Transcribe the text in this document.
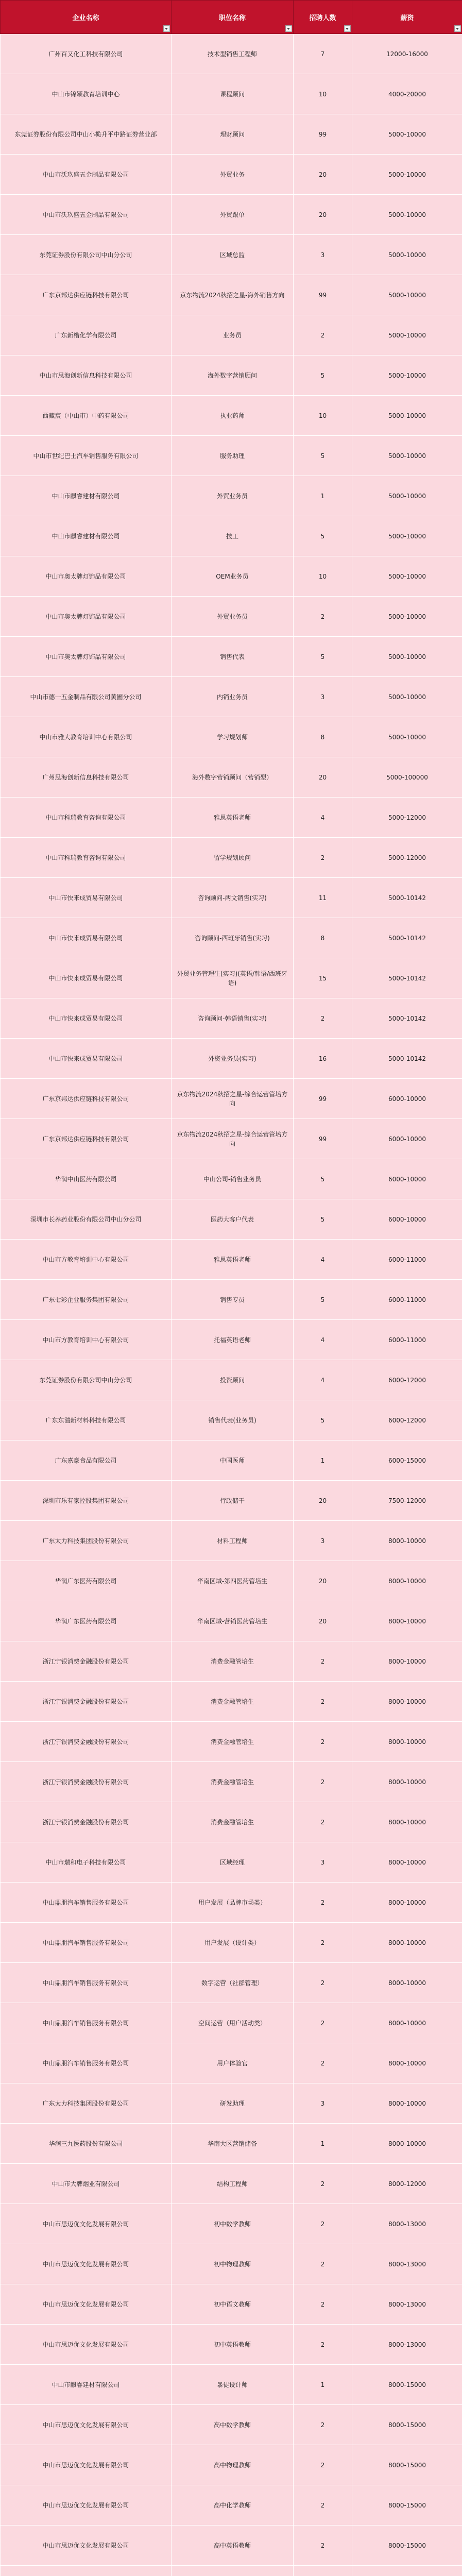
企业名称	职位名称	招聘人数	薪资

广州百又化工科技有限公司	技术型销售工程师	7	12000-16000
中山市锦颖教育培训中心	课程顾问	10	4000-20000
东莞证券股份有限公司中山小榄升平中路证券营业部	理财顾问	99	5000-10000
中山市沃玖盛五金制品有限公司	外贸业务	20	5000-10000
中山市沃玖盛五金制品有限公司	外贸跟单	20	5000-10000
东莞证券股份有限公司中山分公司	区域总监	3	5000-10000
广东京邦达供应链科技有限公司	京东物流2024秋招之星-海外销售方向	99	5000-10000
广东新楷化学有限公司	业务员	2	5000-10000
中山市思海创新信息科技有限公司	海外数字营销顾问	5	5000-10000
西藏宸（中山市）中药有限公司	执业药师	10	5000-10000
中山市世纪巴士汽车销售服务有限公司	服务助理	5	5000-10000
中山市麒睿建材有限公司	外贸业务员	1	5000-10000
中山市麒睿建材有限公司	技工	5	5000-10000
中山市奥太牌灯饰品有限公司	OEM业务员	10	5000-10000
中山市奥太牌灯饰品有限公司	外贸业务员	2	5000-10000
中山市奥太牌灯饰品有限公司	销售代表	5	5000-10000
中山市德一五金制品有限公司黄圃分公司	内销业务员	3	5000-10000
中山市雅大教育培训中心有限公司	学习规划师	8	5000-10000
广州思海创新信息科技有限公司	海外数字营销顾问（营销型）	20	5000-100000
中山市科瑞教育咨询有限公司	雅思英语老师	4	5000-12000
中山市科瑞教育咨询有限公司	留学规划顾问	2	5000-12000
中山市快来成贸易有限公司	咨询顾问-两文销售(实习)	11	5000-10142
中山市快来成贸易有限公司	咨询顾问-西班牙销售(实习)	8	5000-10142
中山市快来成贸易有限公司	外贸业务管理生(实习)(英语/韩语/西班牙语)	15	5000-10142
中山市快来成贸易有限公司	咨询顾问-韩语销售(实习)	2	5000-10142
中山市快来成贸易有限公司	外资业务员(实习)	16	5000-10142
广东京邦达供应链科技有限公司	京东物流2024秋招之星-综合运营管培方向	99	6000-10000
广东京邦达供应链科技有限公司	京东物流2024秋招之星-综合运营管培方向	99	6000-10000
华润中山医药有限公司	中山公司-销售业务员	5	6000-10000
深圳市长养药业股份有限公司中山分公司	医药大客户代表	5	6000-10000
中山市方教育培训中心有限公司	雅思英语老师	4	6000-11000
广东七彩企业服务集团有限公司	销售专员	5	6000-11000
中山市方教育培训中心有限公司	托福英语老师	4	6000-11000
东莞证券股份有限公司中山分公司	投资顾问	4	6000-12000
广东东溢新材料科技有限公司	销售代表(业务员)	5	6000-12000
广东嘉豪食品有限公司	中国医师	1	6000-15000
深圳市乐有家控股集团有限公司	行政储干	20	7500-12000
广东太力科技集团股份有限公司	材料工程师	3	8000-10000
华润广东医药有限公司	华南区域-第四医药管培生	20	8000-10000
华润广东医药有限公司	华南区域-营销医药管培生	20	8000-10000
浙江宁银消费金融股份有限公司	消费金融管培生	2	8000-10000
浙江宁银消费金融股份有限公司	消费金融管培生	2	8000-10000
浙江宁银消费金融股份有限公司	消费金融管培生	2	8000-10000
浙江宁银消费金融股份有限公司	消费金融管培生	2	8000-10000
浙江宁银消费金融股份有限公司	消费金融管培生	2	8000-10000
中山市瑞和电子科技有限公司	区域经理	3	8000-10000
中山鼎朋汽车销售服务有限公司	用户发展（品牌市场类）	2	8000-10000
中山鼎朋汽车销售服务有限公司	用户发展（设计类）	2	8000-10000
中山鼎朋汽车销售服务有限公司	数字运营（社群管理）	2	8000-10000
中山鼎朋汽车销售服务有限公司	空间运营（用户活动类）	2	8000-10000
中山鼎朋汽车销售服务有限公司	用户体验官	2	8000-10000
广东太力科技集团股份有限公司	研发助理	3	8000-10000
华润三九医药股份有限公司	华南大区营销储备	1	8000-10000
中山市大牌烟业有限公司	结构工程师	2	8000-12000
中山市思迈优文化发展有限公司	初中数学教师	2	8000-13000
中山市思迈优文化发展有限公司	初中物理教师	2	8000-13000
中山市思迈优文化发展有限公司	初中语文教师	2	8000-13000
中山市思迈优文化发展有限公司	初中英语教师	2	8000-13000
中山市麒睿建材有限公司	暴徒设计师	1	8000-15000
中山市思迈优文化发展有限公司	高中数学教师	2	8000-15000
中山市思迈优文化发展有限公司	高中物理教师	2	8000-15000
中山市思迈优文化发展有限公司	高中化学教师	2	8000-15000
中山市思迈优文化发展有限公司	高中英语教师	2	8000-15000
